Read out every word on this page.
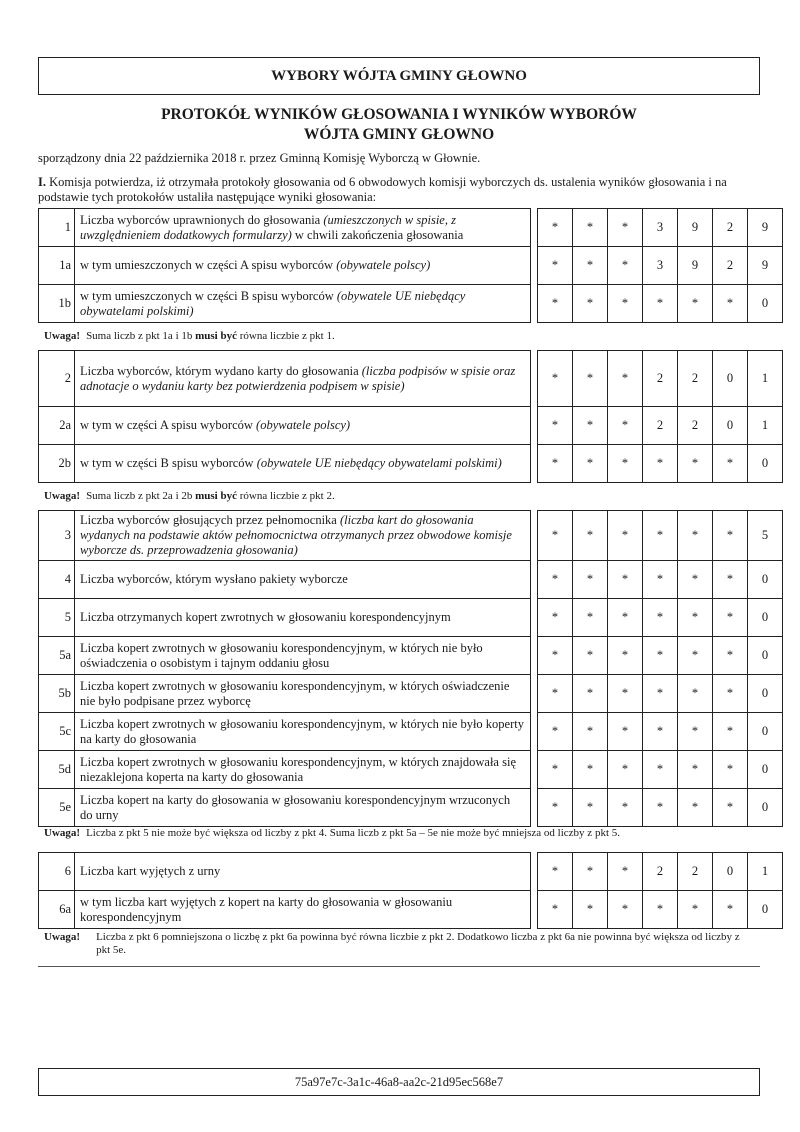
WYBORY WÓJTA GMINY GŁOWNO
PROTOKÓŁ WYNIKÓW GŁOSOWANIA I WYNIKÓW WYBORÓW
WÓJTA GMINY GŁOWNO
sporządzony dnia 22 października 2018 r. przez Gminną Komisję Wyborczą w Głownie.
I. Komisja potwierdza, iż otrzymała protokoły głosowania od 6 obwodowych komisji wyborczych ds. ustalenia wyników głosowania i na podstawie tych protokołów ustaliła następujące wyniki głosowania:
1	Liczba wyborców uprawnionych do głosowania (umieszczonych w spisie, z uwzględnieniem dodatkowych formularzy) w chwili zakończenia głosowania		*	*	*	3	9	2	9
1a	w tym umieszczonych w części A spisu wyborców (obywatele polscy)		*	*	*	3	9	2	9
1b	w tym umieszczonych w części B spisu wyborców (obywatele UE niebędący obywatelami polskimi)		*	*	*	*	*	*	0
Uwaga! Suma liczb z pkt 1a i 1b musi być równa liczbie z pkt 1.
2	Liczba wyborców, którym wydano karty do głosowania (liczba podpisów w spisie oraz adnotacje o wydaniu karty bez potwierdzenia podpisem w spisie)		*	*	*	2	2	0	1
2a	w tym w części A spisu wyborców (obywatele polscy)		*	*	*	2	2	0	1
2b	w tym w części B spisu wyborców (obywatele UE niebędący obywatelami polskimi)		*	*	*	*	*	*	0
Uwaga! Suma liczb z pkt 2a i 2b musi być równa liczbie z pkt 2.
3	Liczba wyborców głosujących przez pełnomocnika (liczba kart do głosowania wydanych na podstawie aktów pełnomocnictwa otrzymanych przez obwodowe komisje wyborcze ds. przeprowadzenia głosowania)		*	*	*	*	*	*	5
4	Liczba wyborców, którym wysłano pakiety wyborcze		*	*	*	*	*	*	0
5	Liczba otrzymanych kopert zwrotnych w głosowaniu korespondencyjnym		*	*	*	*	*	*	0
5a	Liczba kopert zwrotnych w głosowaniu korespondencyjnym, w których nie było oświadczenia o osobistym i tajnym oddaniu głosu		*	*	*	*	*	*	0
5b	Liczba kopert zwrotnych w głosowaniu korespondencyjnym, w których oświadczenie nie było podpisane przez wyborcę		*	*	*	*	*	*	0
5c	Liczba kopert zwrotnych w głosowaniu korespondencyjnym, w których nie było koperty na karty do głosowania		*	*	*	*	*	*	0
5d	Liczba kopert zwrotnych w głosowaniu korespondencyjnym, w których znajdowała się niezaklejona koperta na karty do głosowania		*	*	*	*	*	*	0
5e	Liczba kopert na karty do głosowania w głosowaniu korespondencyjnym wrzuconych do urny		*	*	*	*	*	*	0
Uwaga! Liczba z pkt 5 nie może być większa od liczby z pkt 4. Suma liczb z pkt 5a – 5e nie może być mniejsza od liczby z pkt 5.
6	Liczba kart wyjętych z urny		*	*	*	2	2	0	1
6a	w tym liczba kart wyjętych z kopert na karty do głosowania w głosowaniu korespondencyjnym		*	*	*	*	*	*	0
Uwaga! Liczba z pkt 6 pomniejszona o liczbę z pkt 6a powinna być równa liczbie z pkt 2. Dodatkowo liczba z pkt 6a nie powinna być większa od liczby z pkt 5e.
75a97e7c-3a1c-46a8-aa2c-21d95ec568e7
